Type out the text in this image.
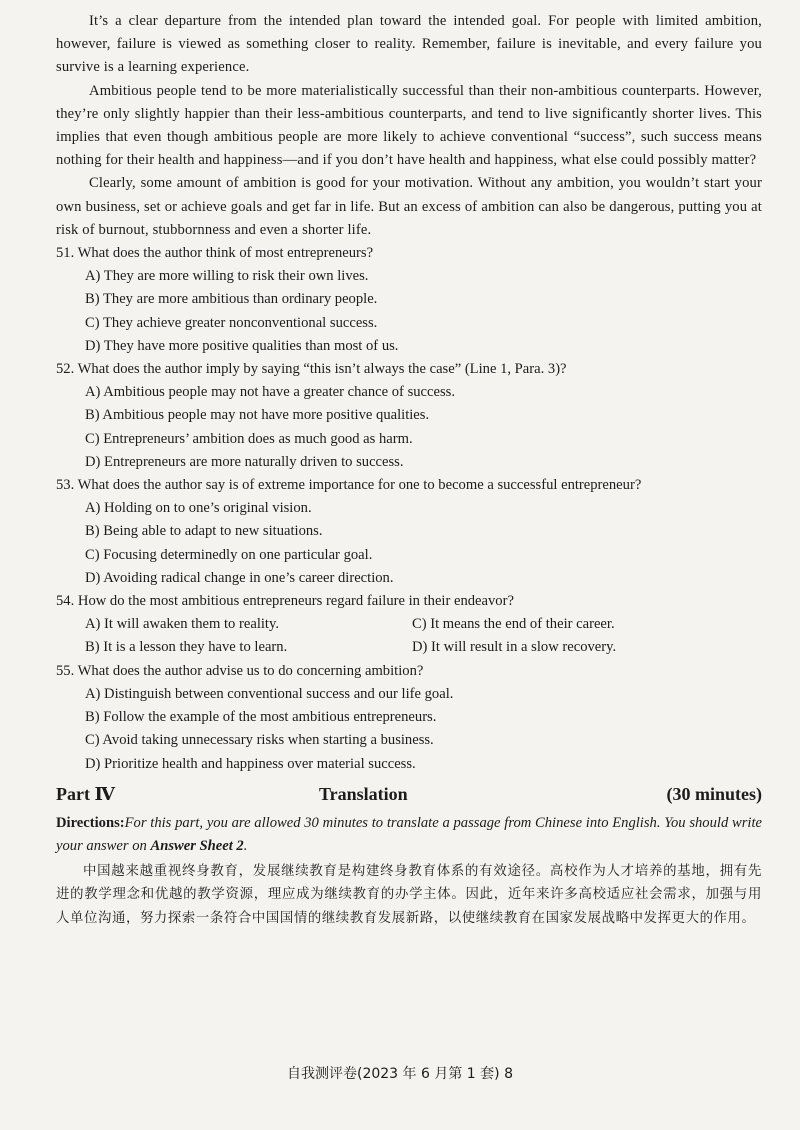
It’s a clear departure from the intended plan toward the intended goal. For people with limited ambition, however, failure is viewed as something closer to reality. Remember, failure is inevitable, and every failure you survive is a learning experience.

Ambitious people tend to be more materialistically successful than their non-ambitious counterparts. However, they’re only slightly happier than their less-ambitious counterparts, and tend to live significantly shorter lives. This implies that even though ambitious people are more likely to achieve conventional “success”, such success means nothing for their health and happiness—and if you don’t have health and happiness, what else could possibly matter?

Clearly, some amount of ambition is good for your motivation. Without any ambition, you wouldn’t start your own business, set or achieve goals and get far in life. But an excess of ambition can also be dangerous, putting you at risk of burnout, stubbornness and even a shorter life.

51. What does the author think of most entrepreneurs?

A) They are more willing to risk their own lives.

B) They are more ambitious than ordinary people.

C) They achieve greater nonconventional success.

D) They have more positive qualities than most of us.

52. What does the author imply by saying “this isn’t always the case” (Line 1, Para. 3)?

A) Ambitious people may not have a greater chance of success.

B) Ambitious people may not have more positive qualities.

C) Entrepreneurs’ ambition does as much good as harm.

D) Entrepreneurs are more naturally driven to success.

53. What does the author say is of extreme importance for one to become a successful entrepreneur?

A) Holding on to one’s original vision.

B) Being able to adapt to new situations.

C) Focusing determinedly on one particular goal.

D) Avoiding radical change in one’s career direction.

54. How do the most ambitious entrepreneurs regard failure in their endeavor?

A) It will awaken them to reality.	C) It means the end of their career.
B) It is a lesson they have to learn.	D) It will result in a slow recovery.

55. What does the author advise us to do concerning ambition?

A) Distinguish between conventional success and our life goal.

B) Follow the example of the most ambitious entrepreneurs.

C) Avoid taking unnecessary risks when starting a business.

D) Prioritize health and happiness over material success.

Part Ⅳ	Translation	(30 minutes)

Directions:For this part, you are allowed 30 minutes to translate a passage from Chinese into English. You should write your answer on Answer Sheet 2.

中国越来越重视终身教育，发展继续教育是构建终身教育体系的有效途径。高校作为人才培养的基地，拥有先进的教学理念和优越的教学资源，理应成为继续教育的办学主体。因此，近年来许多高校适应社会需求，加强与用人单位沟通，努力探索一条符合中国国情的继续教育发展新路，以使继续教育在国家发展战略中发挥更大的作用。

自我测评卷(2023 年 6 月第 1 套) 8
